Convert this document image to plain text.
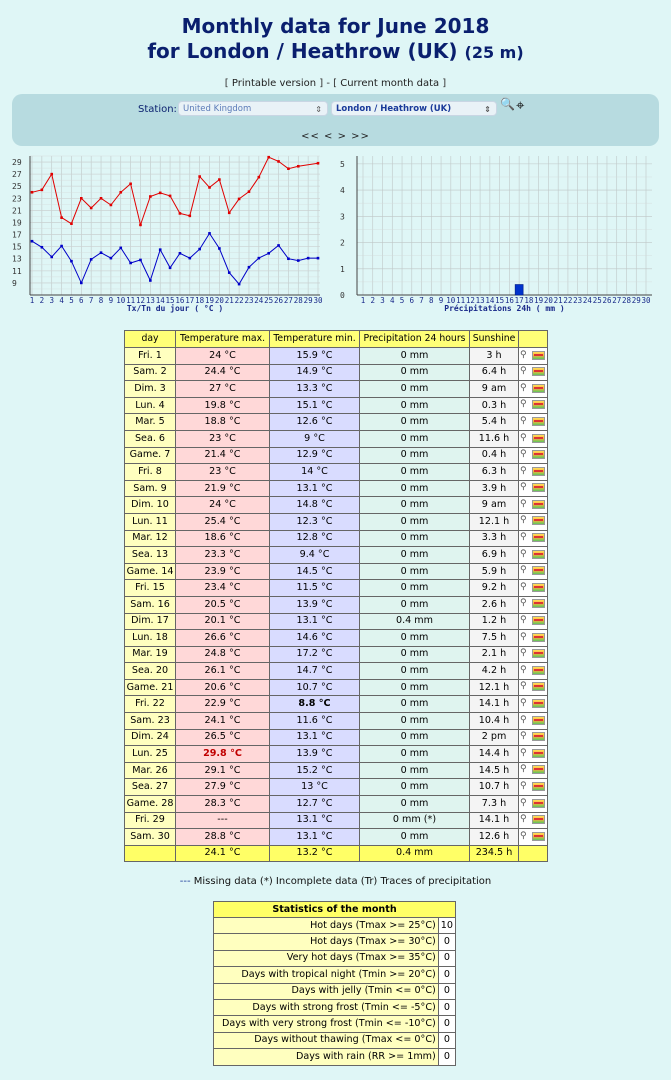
Monthly data for June 2018
for London / Heathrow (UK) (25 m)
[ Printable version ] - [ Current month data ]
Station: United Kingdom	⇕	London / Heathrow (UK)	⇕ 🔍 ⌖
<< < > >>
9
11
13
15
17
19
21
23
25
27
29
1 2 3 4 5 6 7 8 9 10 11 12 13 14 15 16 17 18 19 20 21 22 23 24 25 26 27 28 29 30
Tx/Tn du jour ( °C )
1
2
3
4
5
0
1 2 3 4 5 6 7 8 9 10 11 12 13 14 15 16 17 18 19 20 21 22 23 24 25 26 27 28 29 30
Précipitations 24h ( mm )
day	Temperature max.	Temperature min.	Precipitation 24 hours	Sunshine	
Fri. 1	24 °C	15.9 °C	0 mm	3 h	⚲

Sam. 2	24.4 °C	14.9 °C	0 mm	6.4 h	⚲

Dim. 3	27 °C	13.3 °C	0 mm	9 am	⚲

Lun. 4	19.8 °C	15.1 °C	0 mm	0.3 h	⚲

Mar. 5	18.8 °C	12.6 °C	0 mm	5.4 h	⚲

Sea. 6	23 °C	9 °C	0 mm	11.6 h	⚲

Game. 7	21.4 °C	12.9 °C	0 mm	0.4 h	⚲

Fri. 8	23 °C	14 °C	0 mm	6.3 h	⚲

Sam. 9	21.9 °C	13.1 °C	0 mm	3.9 h	⚲

Dim. 10	24 °C	14.8 °C	0 mm	9 am	⚲

Lun. 11	25.4 °C	12.3 °C	0 mm	12.1 h	⚲

Mar. 12	18.6 °C	12.8 °C	0 mm	3.3 h	⚲

Sea. 13	23.3 °C	9.4 °C	0 mm	6.9 h	⚲

Game. 14	23.9 °C	14.5 °C	0 mm	5.9 h	⚲

Fri. 15	23.4 °C	11.5 °C	0 mm	9.2 h	⚲

Sam. 16	20.5 °C	13.9 °C	0 mm	2.6 h	⚲

Dim. 17	20.1 °C	13.1 °C	0.4 mm	1.2 h	⚲

Lun. 18	26.6 °C	14.6 °C	0 mm	7.5 h	⚲

Mar. 19	24.8 °C	17.2 °C	0 mm	2.1 h	⚲

Sea. 20	26.1 °C	14.7 °C	0 mm	4.2 h	⚲

Game. 21	20.6 °C	10.7 °C	0 mm	12.1 h	⚲

Fri. 22	22.9 °C	8.8 °C	0 mm	14.1 h	⚲

Sam. 23	24.1 °C	11.6 °C	0 mm	10.4 h	⚲

Dim. 24	26.5 °C	13.1 °C	0 mm	2 pm	⚲

Lun. 25	29.8 °C	13.9 °C	0 mm	14.4 h	⚲

Mar. 26	29.1 °C	15.2 °C	0 mm	14.5 h	⚲

Sea. 27	27.9 °C	13 °C	0 mm	10.7 h	⚲

Game. 28	28.3 °C	12.7 °C	0 mm	7.3 h	⚲

Fri. 29	---	13.1 °C	0 mm (*)	14.1 h	⚲

Sam. 30	28.8 °C	13.1 °C	0 mm	12.6 h	⚲

	24.1 °C	13.2 °C	0.4 mm	234.5 h	
--- Missing data (*) Incomplete data (Tr) Traces of precipitation
Statistics of the month	
Hot days (Tmax >= 25°C)	10
Hot days (Tmax >= 30°C)	0
Very hot days (Tmax >= 35°C)	0
Days with tropical night (Tmin >= 20°C)	0
Days with jelly (Tmin <= 0°C)	0
Days with strong frost (Tmin <= -5°C)	0
Days with very strong frost (Tmin <= -10°C)	0
Days without thawing (Tmax <= 0°C)	0
Days with rain (RR >= 1mm)	0
